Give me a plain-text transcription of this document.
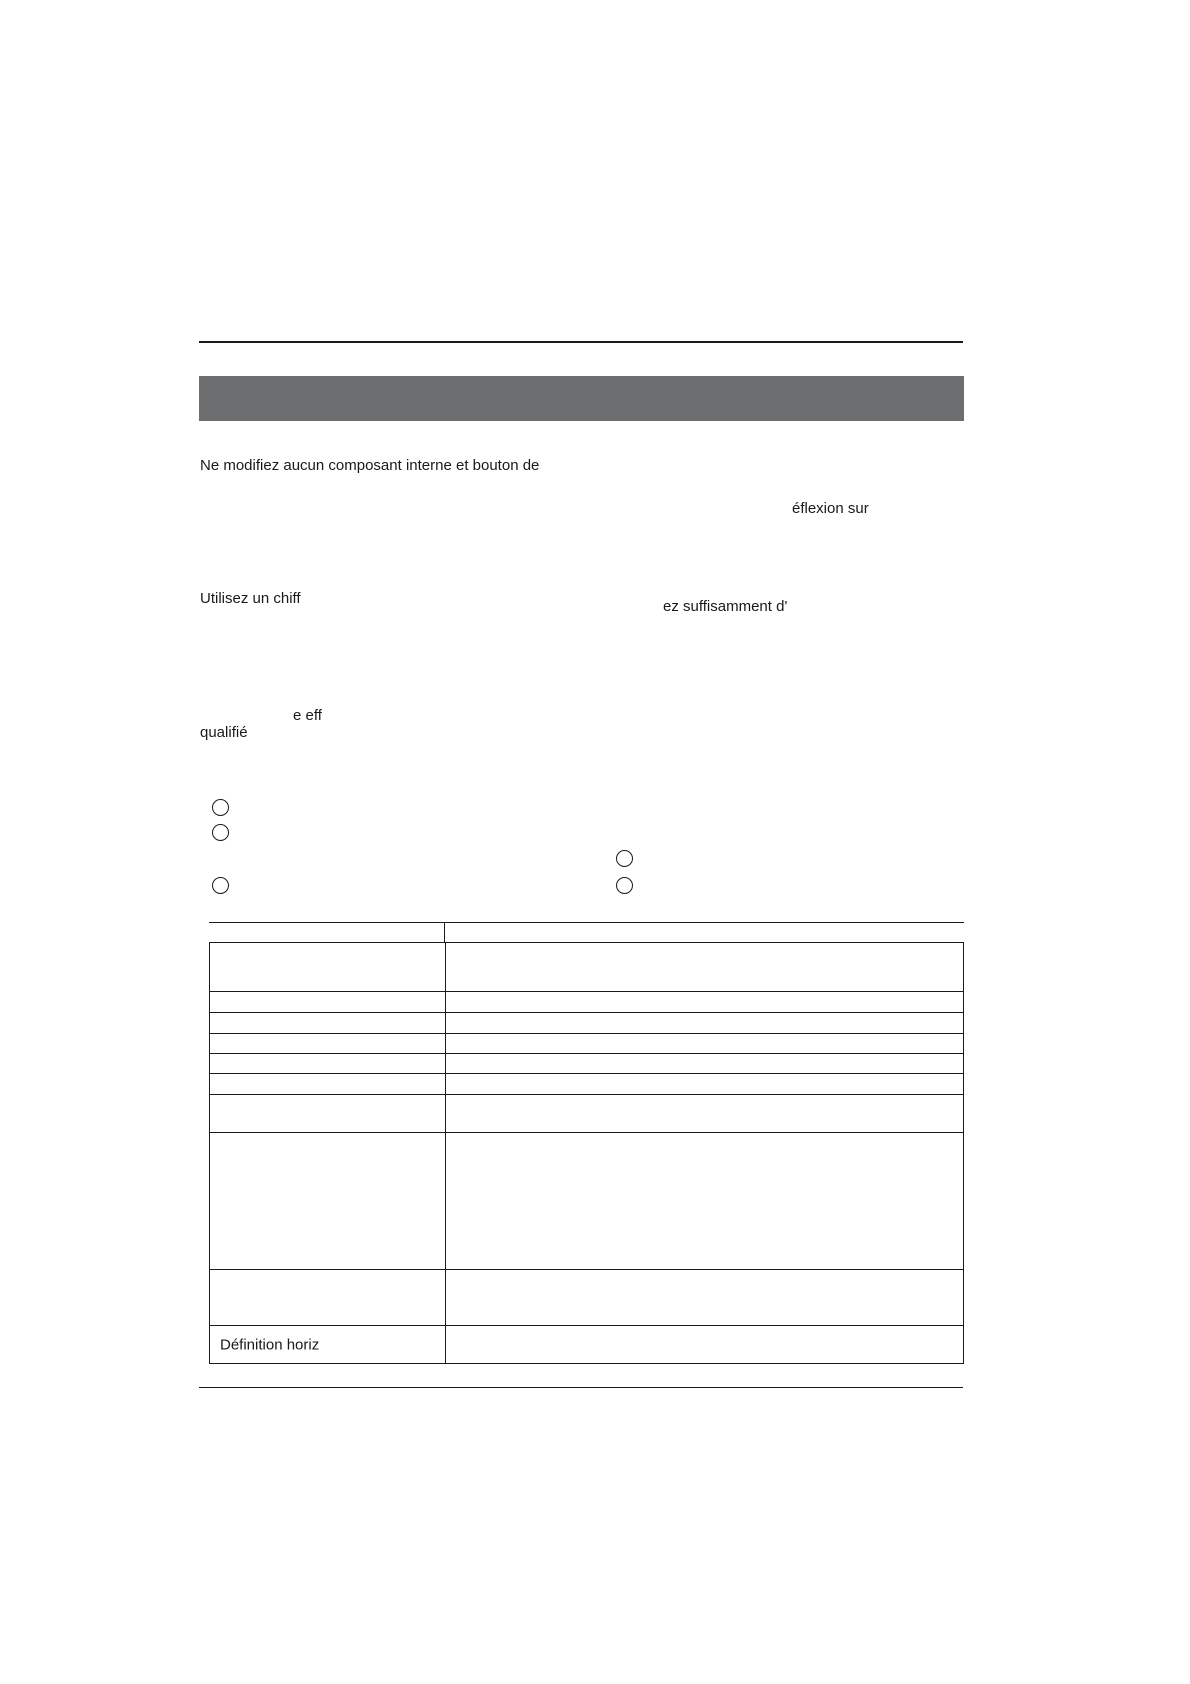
Ne modifiez aucun composant interne et bouton de
éflexion sur
Utilisez un chiff	ez suffisamment d'
e eff
qualifié
Définition horiz
